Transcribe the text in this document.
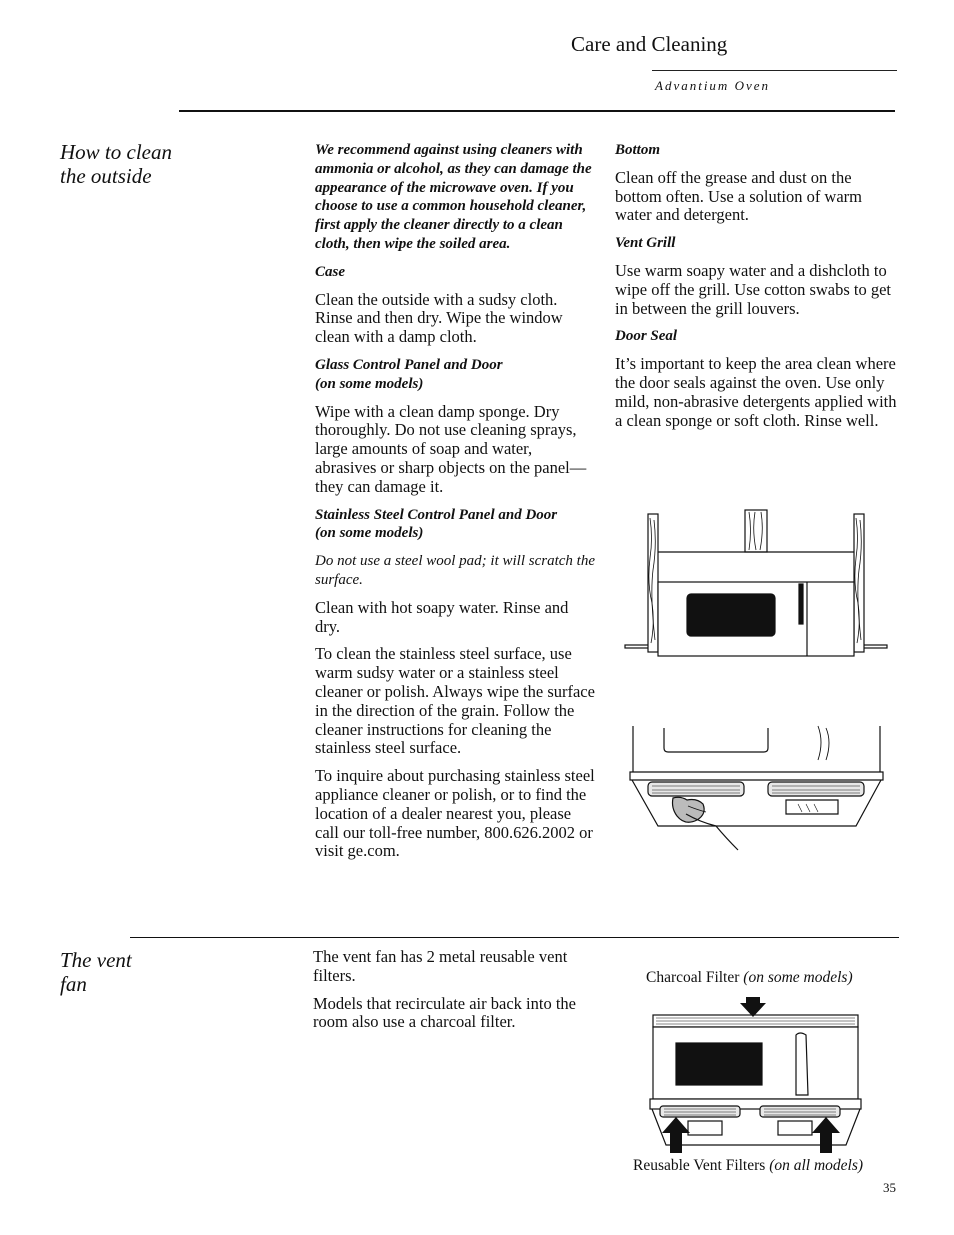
Care and Cleaning
Advantium Oven
How to clean
the outside

We recommend against using cleaners with ammonia or alcohol, as they can damage the appearance of the microwave oven. If you choose to use a common household cleaner, first apply the cleaner directly to a clean cloth, then wipe the soiled area.

Case

Clean the outside with a sudsy cloth. Rinse and then dry. Wipe the window clean with a damp cloth.

Glass Control Panel and Door
(on some models)

Wipe with a clean damp sponge. Dry thoroughly. Do not use cleaning sprays, large amounts of soap and water, abrasives or sharp objects on the panel—they can damage it.

Stainless Steel Control Panel and Door
(on some models)

Do not use a steel wool pad; it will scratch the surface.

Clean with hot soapy water. Rinse and dry.

To clean the stainless steel surface, use warm sudsy water or a stainless steel cleaner or polish. Always wipe the surface in the direction of the grain. Follow the cleaner instructions for cleaning the stainless steel surface.

To inquire about purchasing stainless steel appliance cleaner or polish, or to find the location of a dealer nearest you, please call our toll-free number, 800.626.2002 or visit ge.com.

Bottom

Clean off the grease and dust on the bottom often. Use a solution of warm water and detergent.

Vent Grill

Use warm soapy water and a dishcloth to wipe off the grill. Use cotton swabs to get in between the grill louvers.

Door Seal

It’s important to keep the area clean where the door seals against the oven. Use only mild, non-abrasive detergents applied with a clean sponge or soft cloth. Rinse well.

The vent
fan

The vent fan has 2 metal reusable vent filters.

Models that recirculate air back into the room also use a charcoal filter.

Charcoal Filter (on some models)
Reusable Vent Filters (on all models)
35
